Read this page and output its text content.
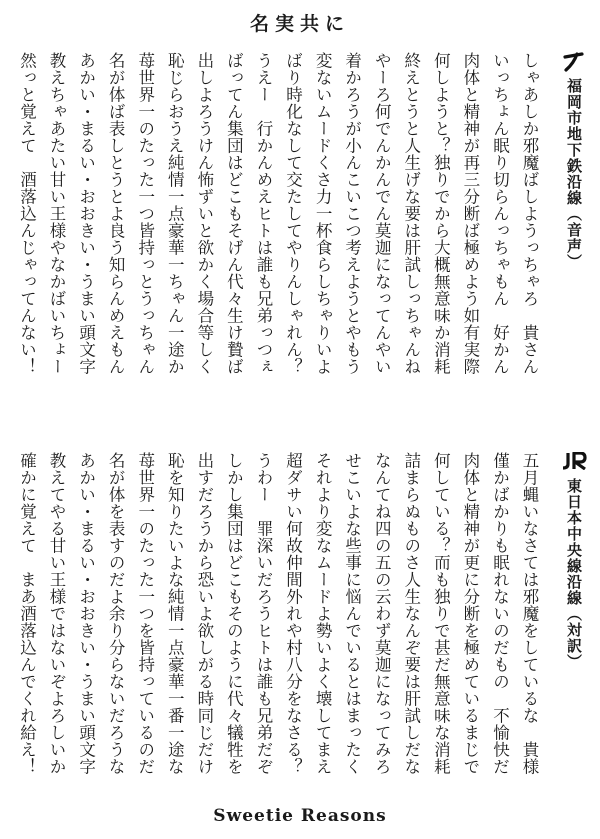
名実共に
福岡市地下鉄沿線（音声）
しゃあしか邪魔ばしようっちゃろ　貴さん
いっちょん眠り切らんっちゃもん　好かん
肉体と精神が再三分断ば極めよう如有実際
何しようと？独りでから大概無意味か消耗
終えとうと人生げな要は肝試しっちゃんね
やーろ何でんかんでん莫迦になってんやい
着かろうが小んこいこつ考えようとやもう
変ないムードくさ力一杯食らしちゃりいよ
ばり時化なして交たしてやりんしゃれん？
うえー　行かんめえヒトは誰も兄弟っつぇ
ばってん集団はどこもそげん代々生け贄ば
出しよろうけん怖ずいと欲かく場合等しく
恥じらおうえ純情一点豪華一ちゃん一途か
苺世界一のたった一つ皆持っとうっちゃん
名が体ば表しとうとよ良う知らんめえもん
あかい・まるい・おおきい・うまい頭文字
教えちゃあたい甘い王様やなかばいちょー
然っと覚えて　酒落込んじゃってんない！
東日本中央線沿線（対訳）
五月蝿いなさては邪魔をしているな　貴様
僅かばかりも眠れないのだもの　不愉快だ
肉体と精神が更に分断を極めているまじで
何している？而も独りで甚だ無意味な消耗
詰まらぬものさ人生なんぞ要は肝試しだな
なんてね四の五の云わず莫迦になってみろ
せこいよな些事に悩んでいるとはまったく
それより変なムードよ勢いよく壊してまえ
超ダサい何故仲間外れや村八分をなさる？
うわー　罪深いだろうヒトは誰も兄弟だぞ
しかし集団はどこもそのように代々犠牲を
出すだろうから恐いよ欲しがる時同じだけ
恥を知りたいよな純情一点豪華一番一途な
苺世界一のたった一つを皆持っているのだ
名が体を表すのだよ余り分らないだろうな
あかい・まるい・おおきい・うまい頭文字
教えてやる甘い王様ではないぞよろしいか
確かに覚えて　まあ酒落込んでくれ給え！
Sweetie Reasons
